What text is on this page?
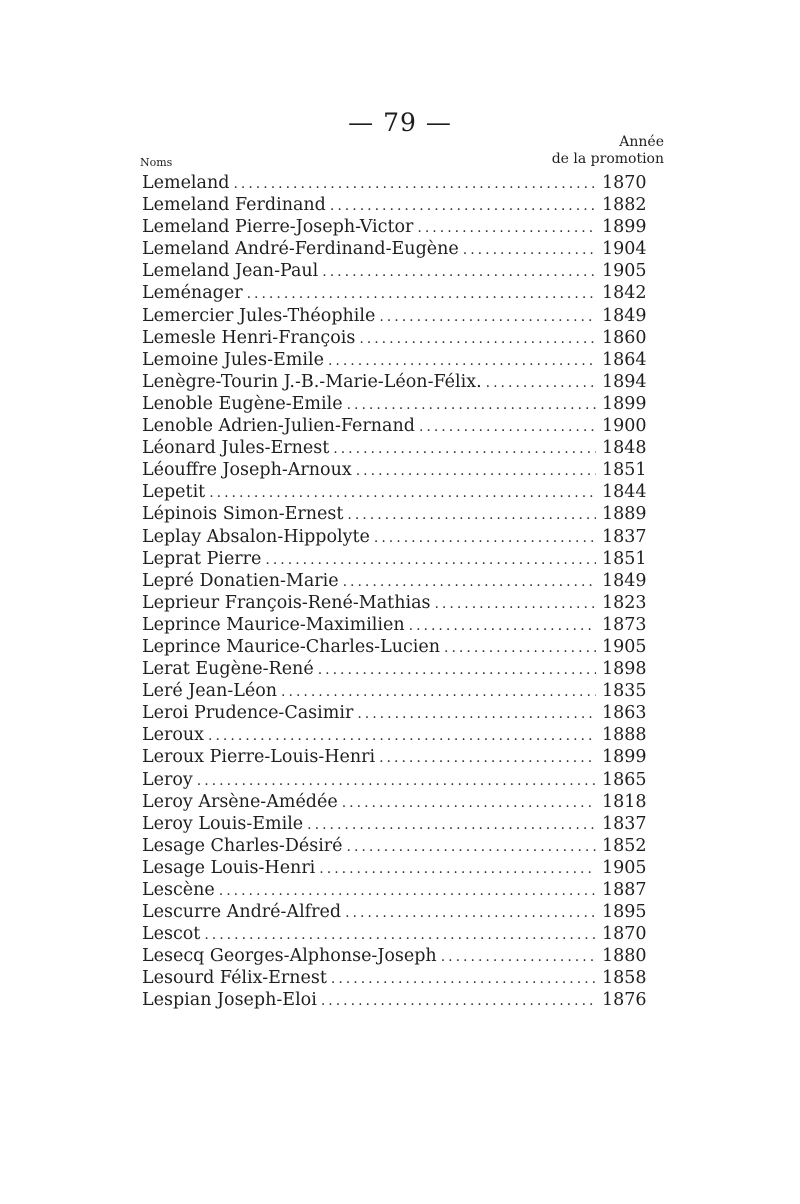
— 79 —
Noms
Année
de la promotion
Lemeland .....	1870
Lemeland Ferdinand .....	1882
Lemeland Pierre-Joseph-Victor .....	1899
Lemeland André-Ferdinand-Eugène .....	1904
Lemeland Jean-Paul .....	1905
Leménager .....	1842
Lemercier Jules-Théophile .....	1849
Lemesle Henri-François .....	1860
Lemoine Jules-Emile .....	1864
Lenègre-Tourin J.-B.-Marie-Léon-Félix. .....	1894
Lenoble Eugène-Emile .....	1899
Lenoble Adrien-Julien-Fernand .....	1900
Léonard Jules-Ernest .....	1848
Léouffre Joseph-Arnoux .....	1851
Lepetit .....	1844
Lépinois Simon-Ernest .....	1889
Leplay Absalon-Hippolyte .....	1837
Leprat Pierre .....	1851
Lepré Donatien-Marie .....	1849
Leprieur François-René-Mathias .....	1823
Leprince Maurice-Maximilien .....	1873
Leprince Maurice-Charles-Lucien .....	1905
Lerat Eugène-René .....	1898
Leré Jean-Léon .....	1835
Leroi Prudence-Casimir .....	1863
Leroux .....	1888
Leroux Pierre-Louis-Henri .....	1899
Leroy .....	1865
Leroy Arsène-Amédée .....	1818
Leroy Louis-Emile .....	1837
Lesage Charles-Désiré .....	1852
Lesage Louis-Henri .....	1905
Lescène .....	1887
Lescurre André-Alfred .....	1895
Lescot .....	1870
Lesecq Georges-Alphonse-Joseph .....	1880
Lesourd Félix-Ernest .....	1858
Lespian Joseph-Eloi .....	1876
